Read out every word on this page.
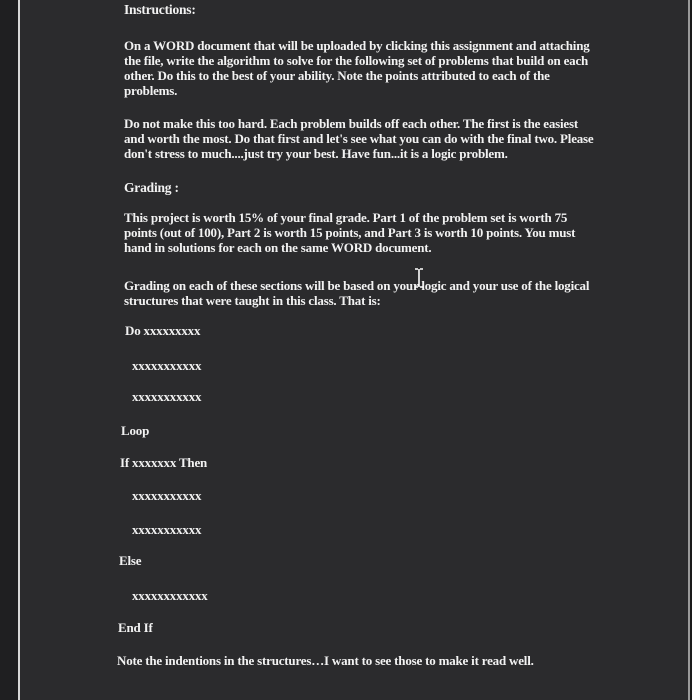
Instructions:

On a WORD document that will be uploaded by clicking this assignment and attaching
the file, write the algorithm to solve for the following set of problems that build on each
other. Do this to the best of your ability. Note the points attributed to each of the
problems.
Do not make this too hard. Each problem builds off each other. The first is the easiest
and worth the most. Do that first and let's see what you can do with the final two. Please
don't stress to much....just try your best. Have fun...it is a logic problem.

Grading :

This project is worth 15% of your final grade. Part 1 of the problem set is worth 75
points (out of 100), Part 2 is worth 15 points, and Part 3 is worth 10 points. You must
hand in solutions for each on the same WORD document.
Grading on each of these sections will be based on your logic and your use of the logical
structures that were taught in this class. That is:

Do xxxxxxxxx

xxxxxxxxxxx

xxxxxxxxxxx

Loop

If xxxxxxx Then

xxxxxxxxxxx

xxxxxxxxxxx

Else

xxxxxxxxxxxx

End If

Note the indentions in the structures…I want to see those to make it read well.
